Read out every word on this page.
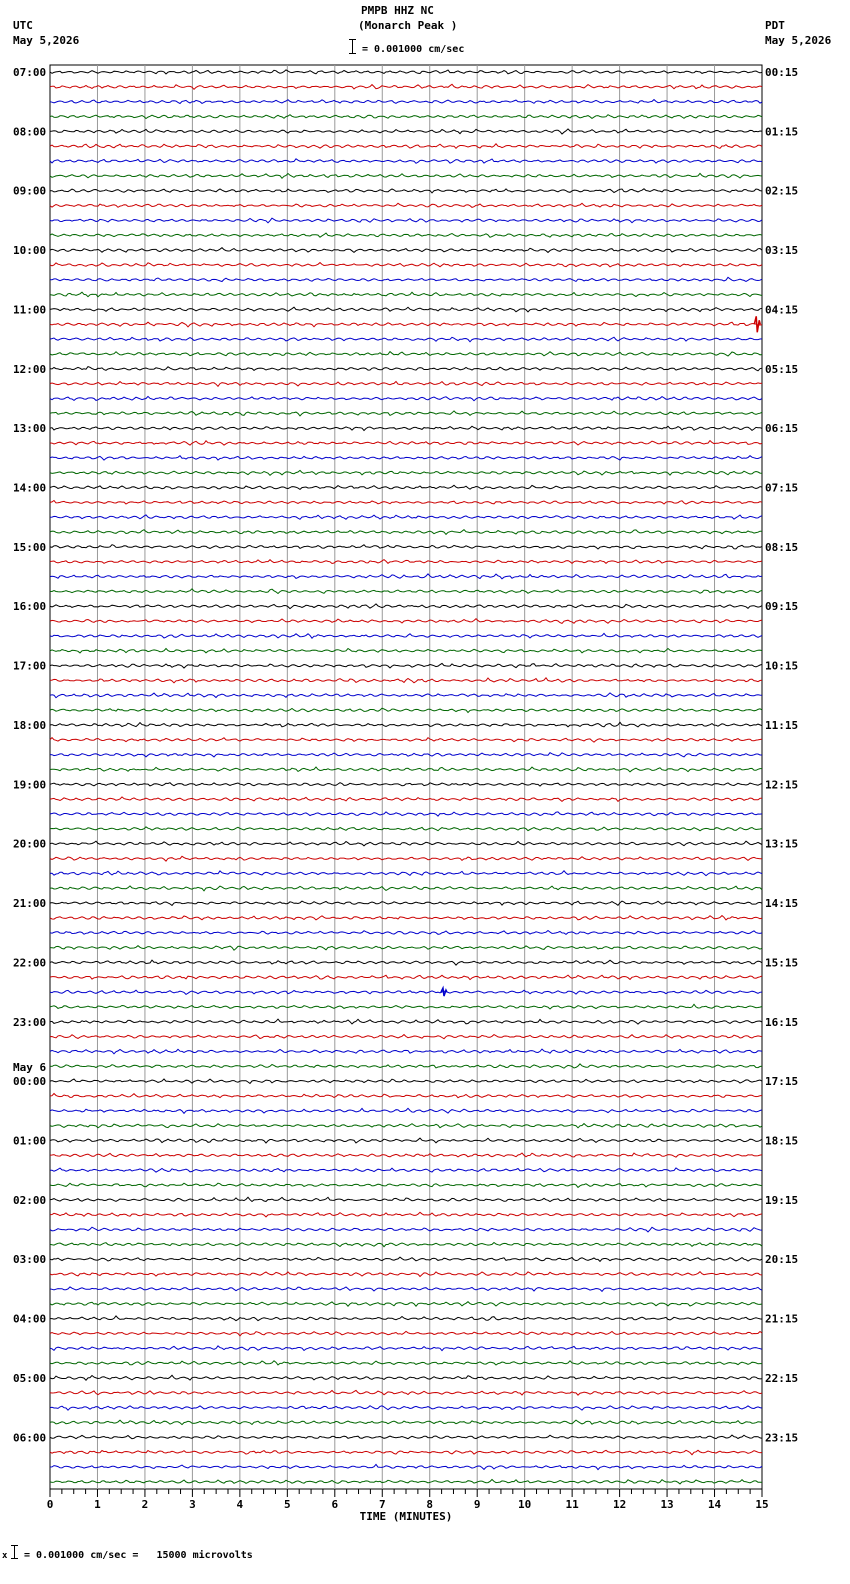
PMPB HHZ NC
(Monarch Peak )
= 0.001000 cm/sec
UTC
May 5,2026
PDT
May 5,2026
07:00
08:00
09:00
10:00
11:00
12:00
13:00
14:00
15:00
16:00
17:00
18:00
19:00
20:00
21:00
22:00
23:00
00:00
May 6
01:00
02:00
03:00
04:00
05:00
06:00
00:15
01:15
02:15
03:15
04:15
05:15
06:15
07:15
08:15
09:15
10:15
11:15
12:15
13:15
14:15
15:15
16:15
17:15
18:15
19:15
20:15
21:15
22:15
23:15
0	1	2	3	4	5	6	7	8	9	10	11	12	13	14	15
TIME (MINUTES)
x = 0.001000 cm/sec =   15000 microvolts
